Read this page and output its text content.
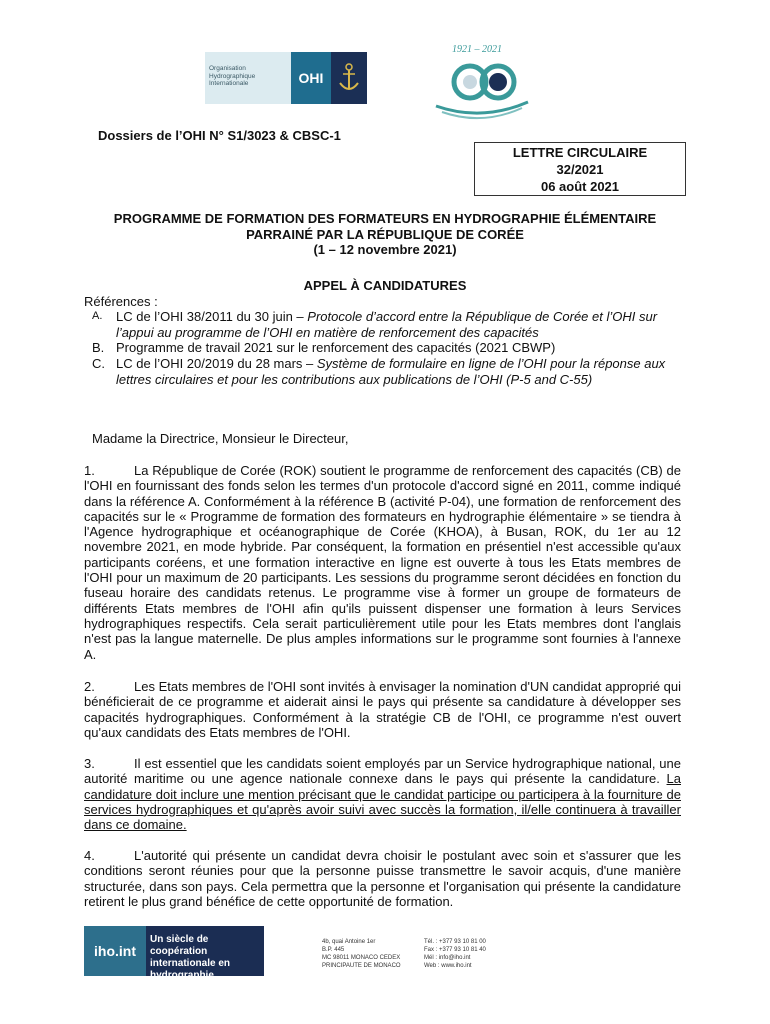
Organisation
Hydrographique
Internationale	OHI
1921 – 2021
Dossiers de l’OHI N° S1/3023 & CBSC-1
LETTRE CIRCULAIRE
32/2021
06 août 2021
PROGRAMME DE FORMATION DES FORMATEURS EN HYDROGRAPHIE ÉLÉMENTAIRE
PARRAINÉ PAR LA RÉPUBLIQUE DE CORÉE
(1 – 12 novembre 2021)
APPEL À CANDIDATURES
Références :
A.	LC de l’OHI 38/2011 du 30 juin – Protocole d’accord entre la République de Corée et l’OHI sur l’appui au programme de l’OHI en matière de renforcement des capacités
B. Programme de travail 2021 sur le renforcement des capacités (2021 CBWP)
C. LC de l’OHI 20/2019 du 28 mars – Système de formulaire en ligne de l’OHI pour la réponse aux lettres circulaires et pour les contributions aux publications de l’OHI (P-5 and C-55)
Madame la Directrice, Monsieur le Directeur,
1.	La République de Corée (ROK) soutient le programme de renforcement des capacités (CB) de l'OHI en fournissant des fonds selon les termes d'un protocole d'accord signé en 2011, comme indiqué dans la référence A. Conformément à la référence B (activité P-04), une formation de renforcement des capacités sur le « Programme de formation des formateurs en hydrographie élémentaire » se tiendra à l'Agence hydrographique et océanographique de Corée (KHOA), à Busan, ROK, du 1er au 12 novembre 2021, en mode hybride. Par conséquent, la formation en présentiel n'est accessible qu'aux participants coréens, et une formation interactive en ligne est ouverte à tous les Etats membres de l'OHI pour un maximum de 20 participants. Les sessions du programme seront décidées en fonction du fuseau horaire des candidats retenus. Le programme vise à former un groupe de formateurs de différents Etats membres de l'OHI afin qu'ils puissent dispenser une formation à leurs Services hydrographiques respectifs. Cela serait particulièrement utile pour les Etats membres dont l'anglais n'est pas la langue maternelle. De plus amples informations sur le programme sont fournies à l'annexe A.
2.	Les Etats membres de l'OHI sont invités à envisager la nomination d'UN candidat approprié qui bénéficierait de ce programme et aiderait ainsi le pays qui présente sa candidature à développer ses capacités hydrographiques. Conformément à la stratégie CB de l'OHI, ce programme n'est ouvert qu'aux candidats des Etats membres de l'OHI.
3.	Il est essentiel que les candidats soient employés par un Service hydrographique national, une autorité maritime ou une agence nationale connexe dans le pays qui présente la candidature. La candidature doit inclure une mention précisant que le candidat participe ou participera à la fourniture de services hydrographiques et qu'après avoir suivi avec succès la formation, il/elle continuera à travailler dans ce domaine.
4.	L'autorité qui présente un candidat devra choisir le postulant avec soin et s'assurer que les conditions seront réunies pour que la personne puisse transmettre le savoir acquis, d'une manière structurée, dans son pays. Cela permettra que la personne et l'organisation qui présente la candidature retirent le plus grand bénéfice de cette opportunité de formation.
iho.int
Un siècle de coopération
internationale en
hydrographie
4b, quai Antoine 1er
B.P. 445
MC 98011 MONACO CEDEX
PRINCIPAUTE DE MONACO
Tél. : +377 93 10 81 00
Fax : +377 93 10 81 40
Mél : info@iho.int
Web : www.iho.int
